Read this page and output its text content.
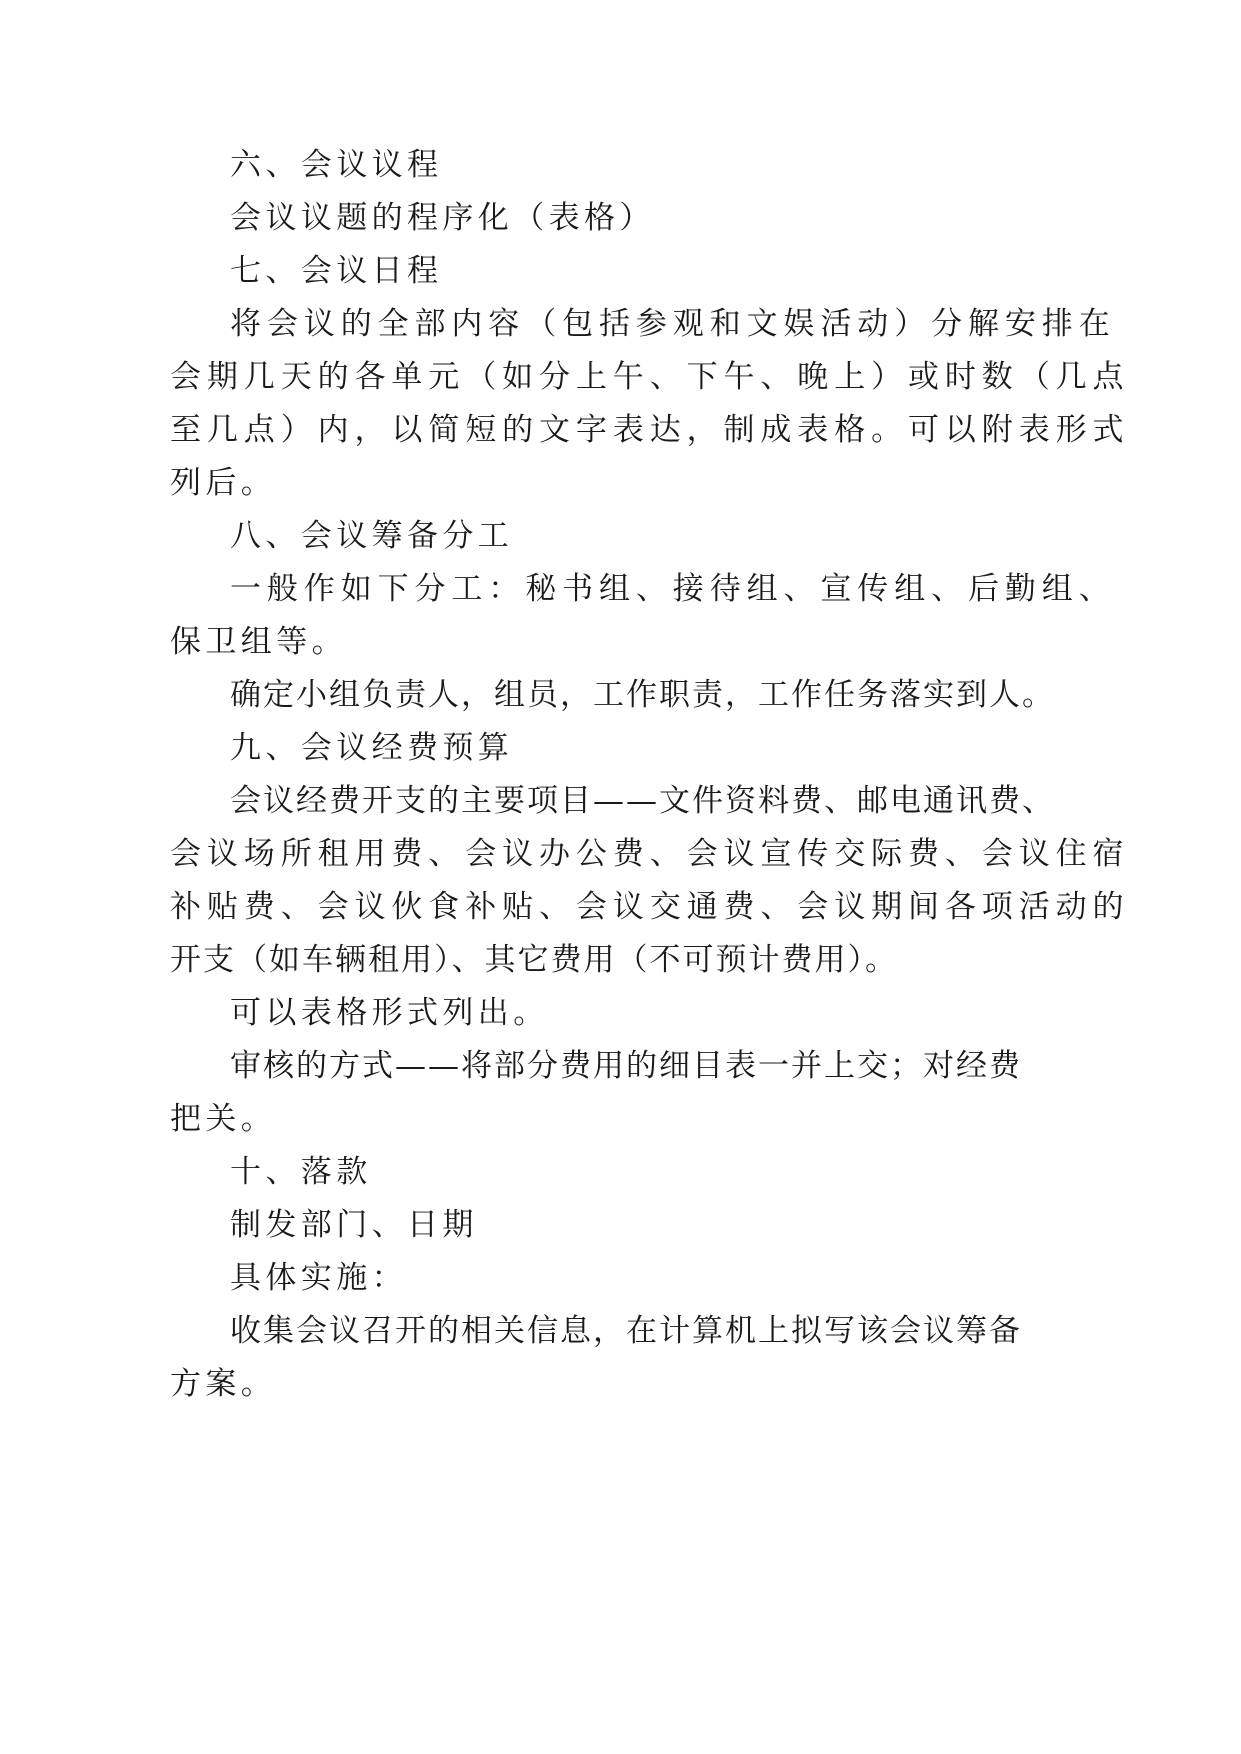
六、会议议程
会议议题的程序化（表格）
七、会议日程
将会议的全部内容（包括参观和文娱活动）分解安排在
会期几天的各单元（如分上午、下午、晚上）或时数（几点
至几点）内，以简短的文字表达，制成表格。可以附表形式
列后。
八、会议筹备分工
一般作如下分工：秘书组、接待组、宣传组、后勤组、
保卫组等。
确定小组负责人，组员，工作职责，工作任务落实到人。
九、会议经费预算
会议经费开支的主要项目——文件资料费、邮电通讯费、
会议场所租用费、会议办公费、会议宣传交际费、会议住宿
补贴费、会议伙食补贴、会议交通费、会议期间各项活动的
开支（如车辆租用）、其它费用（不可预计费用）。
可以表格形式列出。
审核的方式——将部分费用的细目表一并上交；对经费
把关。
十、落款
制发部门、日期
具体实施：
收集会议召开的相关信息，在计算机上拟写该会议筹备
方案。
